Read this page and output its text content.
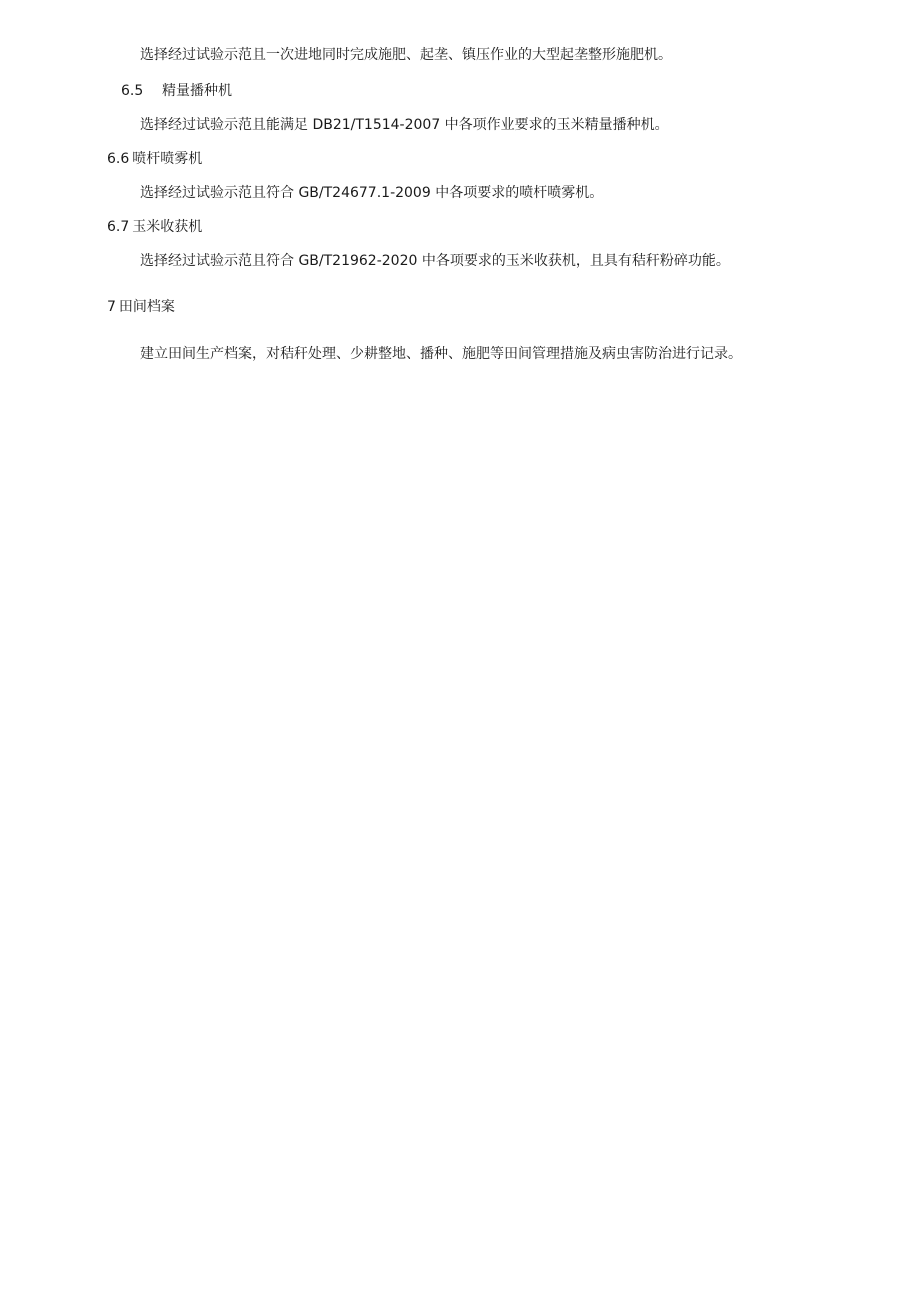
选择经过试验示范且一次进地同时完成施肥、起垄、镇压作业的大型起垄整形施肥机。
6.5 精量播种机
选择经过试验示范且能满足 DB21/T1514-2007 中各项作业要求的玉米精量播种机。
6.6 喷杆喷雾机
选择经过试验示范且符合 GB/T24677.1-2009 中各项要求的喷杆喷雾机。
6.7 玉米收获机
选择经过试验示范且符合 GB/T21962-2020 中各项要求的玉米收获机，且具有秸秆粉碎功能。
7 田间档案
建立田间生产档案，对秸秆处理、少耕整地、播种、施肥等田间管理措施及病虫害防治进行记录。
